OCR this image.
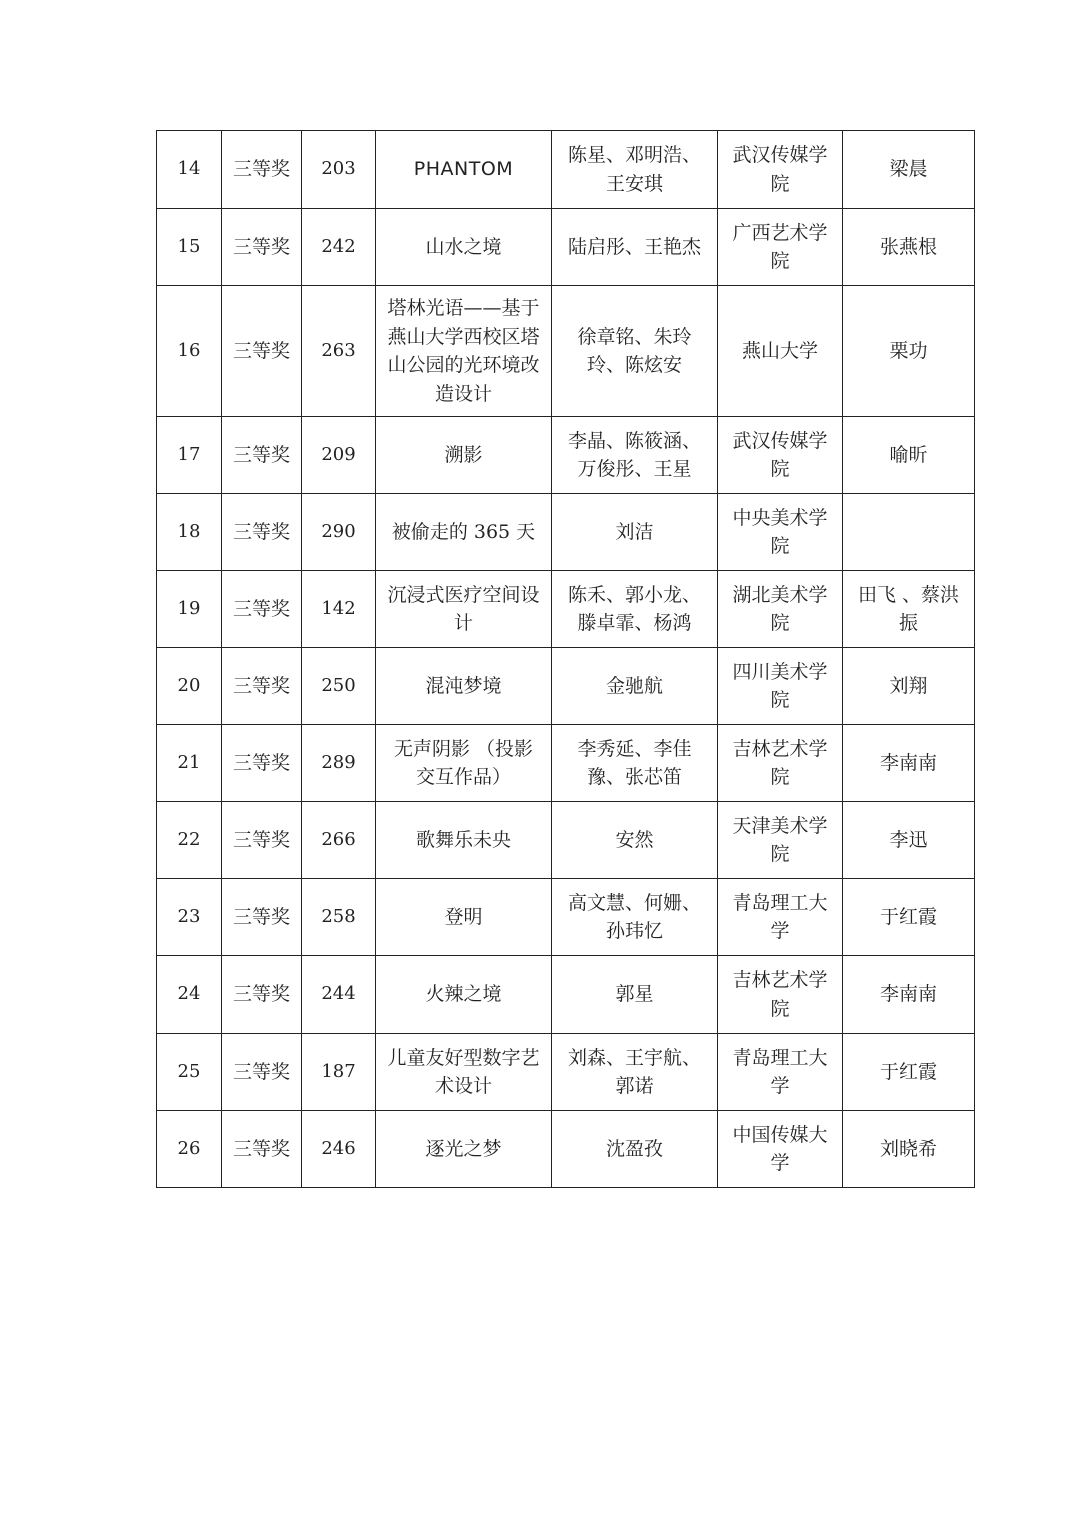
14	三等奖	203	PHANTOM	陈星、邓明浩、王安琪	武汉传媒学院	梁晨
15	三等奖	242	山水之境	陆启彤、王艳杰	广西艺术学院	张燕根
16	三等奖	263	塔林光语——基于燕山大学西校区塔山公园的光环境改造设计	徐章铭、朱玲玲、陈炫安	燕山大学	栗功
17	三等奖	209	溯影	李晶、陈筱涵、万俊彤、王星	武汉传媒学院	喻昕
18	三等奖	290	被偷走的 365 天	刘洁	中央美术学院	
19	三等奖	142	沉浸式医疗空间设计	陈禾、郭小龙、滕卓霏、杨鸿	湖北美术学院	田飞 、蔡洪振
20	三等奖	250	混沌梦境	金驰航	四川美术学院	刘翔
21	三等奖	289	无声阴影 （投影交互作品）	李秀延、李佳豫、张芯笛	吉林艺术学院	李南南
22	三等奖	266	歌舞乐未央	安然	天津美术学院	李迅
23	三等奖	258	登明	高文慧、何姗、孙玮忆	青岛理工大学	于红霞
24	三等奖	244	火辣之境	郭星	吉林艺术学院	李南南
25	三等奖	187	儿童友好型数字艺术设计	刘森、王宇航、郭诺	青岛理工大学	于红霞
26	三等奖	246	逐光之梦	沈盈孜	中国传媒大学	刘晓希
